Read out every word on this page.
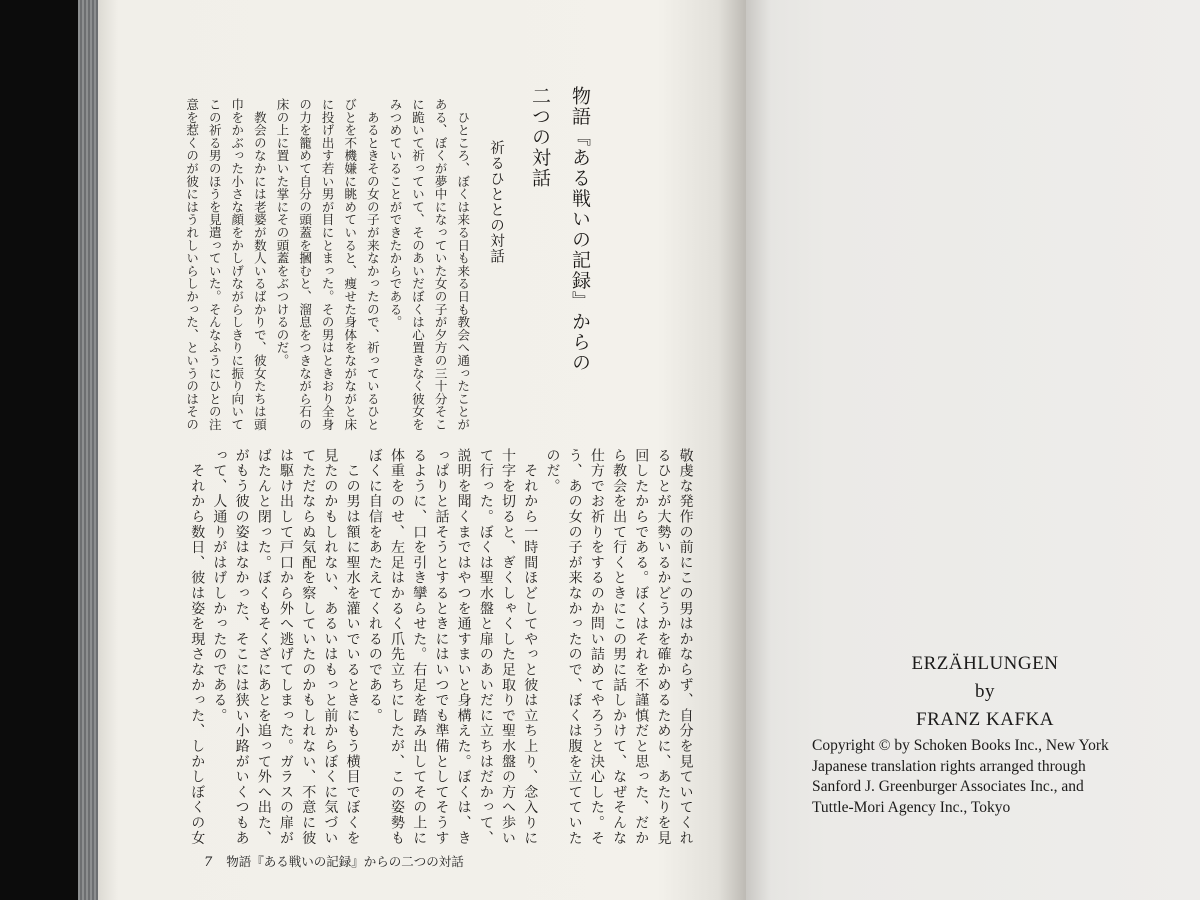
物語『ある戦いの記録』からの
二つの対話
祈るひととの対話
　ひところ、ぼくは来る日も来る日も教会へ通ったことが
ある、ぼくが夢中になっていた女の子が夕方の三十分そこ
に跪いて祈っていて、そのあいだぼくは心置きなく彼女を
みつめていることができたからである。
　あるときその女の子が来なかったので、祈っているひと
びとを不機嫌に眺めていると、痩せた身体をながながと床
に投げ出す若い男が目にとまった。その男はときおり全身
の力を籠めて自分の頭蓋を摑むと、溜息をつきながら石の
床の上に置いた掌にその頭蓋をぶつけるのだ。
　教会のなかには老婆が数人いるばかりで、彼女たちは頭
巾をかぶった小さな顔をかしげながらしきりに振り向いて
この祈る男のほうを見遣っていた。そんなふうにひとの注
意を惹くのが彼にはうれしいらしかった、というのはその
敬虔な発作の前にこの男はかならず、自分を見ていてくれ
るひとが大勢いるかどうかを確かめるために、あたりを見
回したからである。ぼくはそれを不謹慎だと思った、だか
ら教会を出て行くときにこの男に話しかけて、なぜそんな
仕方でお祈りをするのか問い詰めてやろうと決心した。そ
う、あの女の子が来なかったので、ぼくは腹を立てていた
のだ。
　それから一時間ほどしてやっと彼は立ち上り、念入りに
十字を切ると、ぎくしゃくした足取りで聖水盤の方へ歩い
て行った。ぼくは聖水盤と扉のあいだに立ちはだかって、
説明を聞くまではやつを通すまいと身構えた。ぼくは、き
っぱりと話そうとするときにはいつでも準備としてそうす
るように、口を引き攣らせた。右足を踏み出してその上に
体重をのせ、左足はかるく爪先立ちにしたが、この姿勢も
ぼくに自信をあたえてくれるのである。
　この男は額に聖水を灌いでいるときにもう横目でぼくを
見たのかもしれない、あるいはもっと前からぼくに気づい
てただならぬ気配を察していたのかもしれない、不意に彼
は駆け出して戸口から外へ逃げてしまった。ガラスの扉が
ばたんと閉った。ぼくもそくざにあとを追って外へ出た、
がもう彼の姿はなかった、そこには狭い小路がいくつもあ
って、人通りがはげしかったのである。
　それから数日、彼は姿を現さなかった、しかしぼくの女
7 物語『ある戦いの記録』からの二つの対話
ERZÄHLUNGEN
by
FRANZ KAFKA
Copyright © by Schoken Books Inc., New York
Japanese translation rights arranged through
Sanford J. Greenburger Associates Inc., and
Tuttle-Mori Agency Inc., Tokyo
